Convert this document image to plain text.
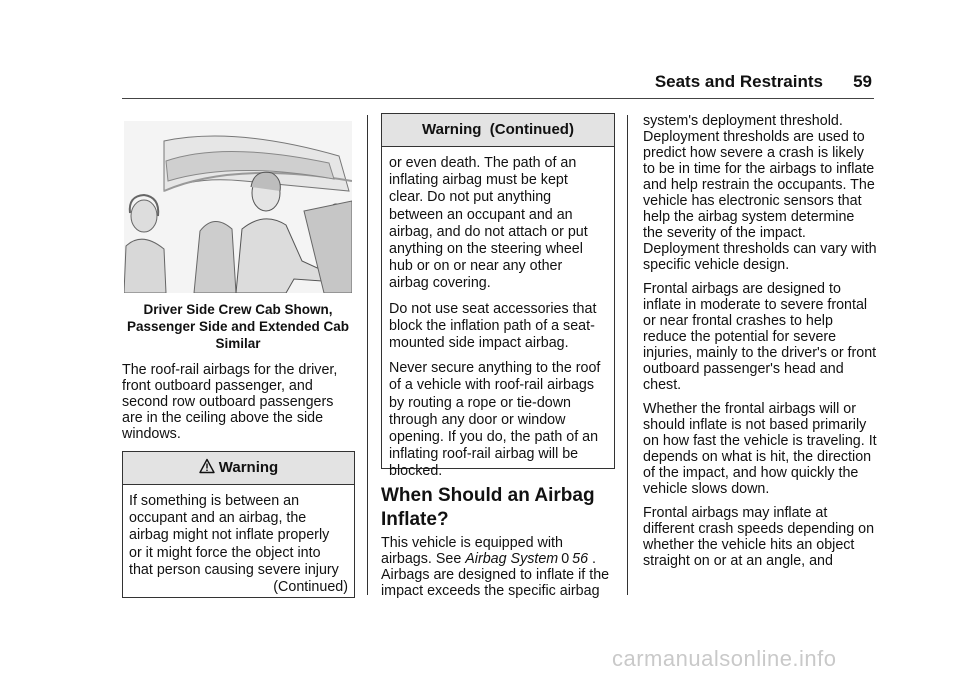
Seats and Restraints 59
Driver Side Crew Cab Shown,
Passenger Side and Extended Cab
Similar

The roof-rail airbags for the driver, front outboard passenger, and second row outboard passengers are in the ceiling above the side windows.

Warning
If something is between an
occupant and an airbag, the
airbag might not inflate properly
or it might force the object into
that person causing severe injury
(Continued)
Warning  (Continued)

or even death. The path of an inflating airbag must be kept clear. Do not put anything between an occupant and an airbag, and do not attach or put anything on the steering wheel hub or on or near any other airbag covering.

Do not use seat accessories that block the inflation path of a seat-mounted side impact airbag.

Never secure anything to the roof of a vehicle with roof-rail airbags by routing a rope or tie-down through any door or window opening. If you do, the path of an inflating roof-rail airbag will be blocked.

When Should an Airbag Inflate?

This vehicle is equipped with airbags. See Airbag System 0 56 . Airbags are designed to inflate if the impact exceeds the specific airbag

system's deployment threshold. Deployment thresholds are used to predict how severe a crash is likely to be in time for the airbags to inflate and help restrain the occupants. The vehicle has electronic sensors that help the airbag system determine the severity of the impact. Deployment thresholds can vary with specific vehicle design.

Frontal airbags are designed to inflate in moderate to severe frontal or near frontal crashes to help reduce the potential for severe injuries, mainly to the driver's or front outboard passenger's head and chest.

Whether the frontal airbags will or should inflate is not based primarily on how fast the vehicle is traveling. It depends on what is hit, the direction of the impact, and how quickly the vehicle slows down.

Frontal airbags may inflate at different crash speeds depending on whether the vehicle hits an object straight on or at an angle, and

carmanualsonline.info
